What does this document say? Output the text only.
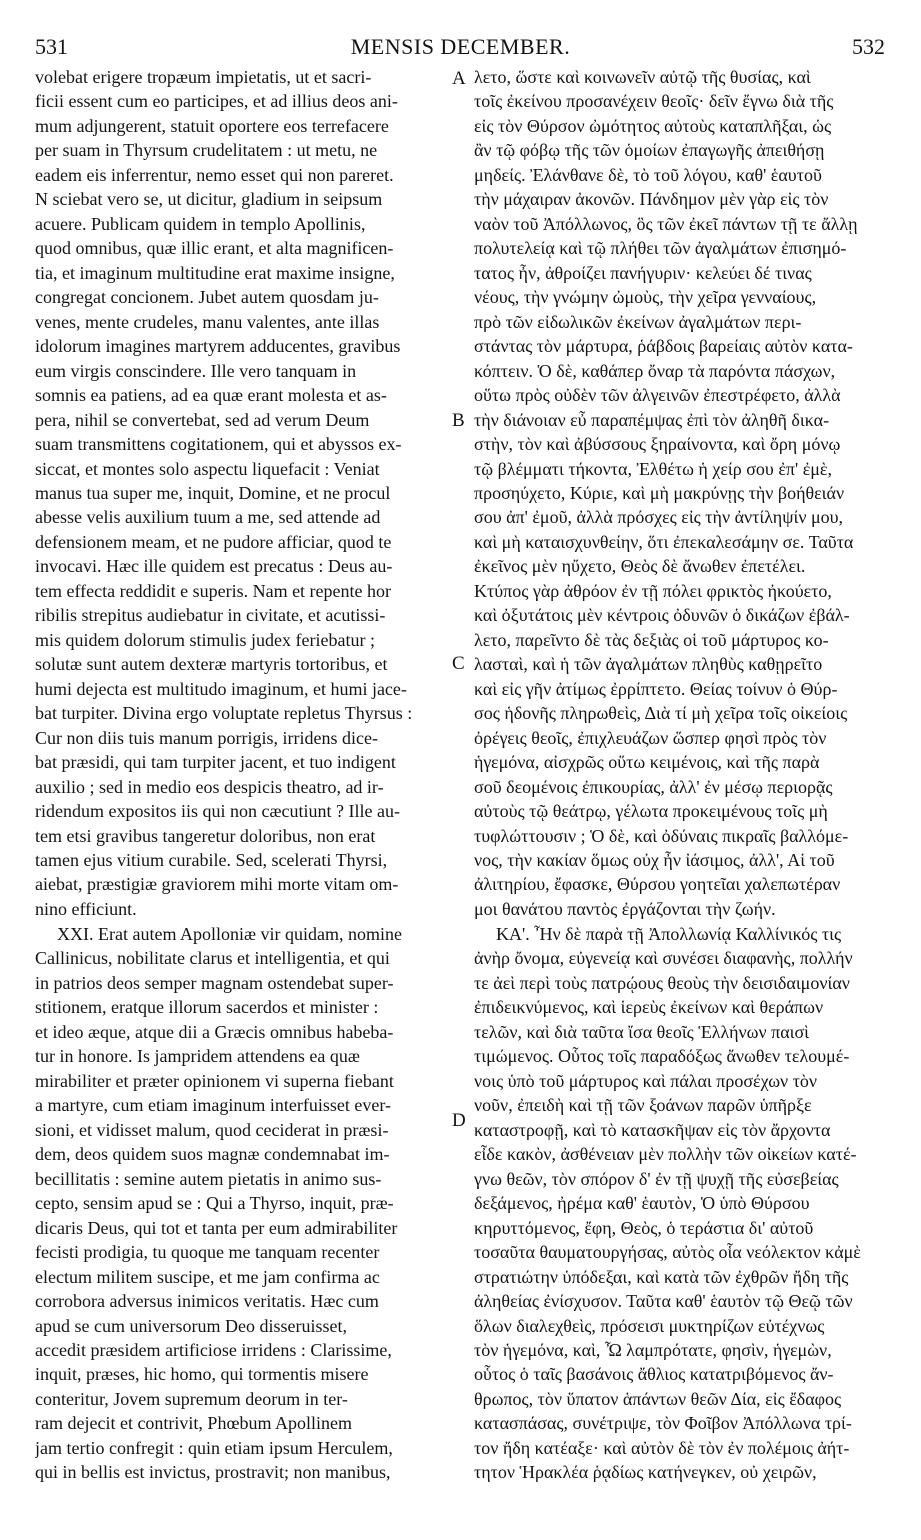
531	MENSIS DECEMBER.	532
A
B
C
D
volebat erigere tropæum impietatis, ut et sacri-
ficii essent cum eo participes, et ad illius deos ani-
mum adjungerent, statuit oportere eos terrefacere
per suam in Thyrsum crudelitatem : ut metu, ne
eadem eis inferrentur, nemo esset qui non pareret.
N sciebat vero se, ut dicitur, gladium in seipsum
acuere. Publicam quidem in templo Apollinis,
quod omnibus, quæ illic erant, et alta magnificen-
tia, et imaginum multitudine erat maxime insigne,
congregat concionem. Jubet autem quosdam ju-
venes, mente crudeles, manu valentes, ante illas
idolorum imagines martyrem adducentes, gravibus
eum virgis conscindere. Ille vero tanquam in
somnis ea patiens, ad ea quæ erant molesta et as-
pera, nihil se convertebat, sed ad verum Deum
suam transmittens cogitationem, qui et abyssos ex-
siccat, et montes solo aspectu liquefacit : Veniat
manus tua super me, inquit, Domine, et ne procul
abesse velis auxilium tuum a me, sed attende ad
defensionem meam, et ne pudore afficiar, quod te
invocavi. Hæc ille quidem est precatus : Deus au-
tem effecta reddidit e superis. Nam et repente hor
ribilis strepitus audiebatur in civitate, et acutissi-
mis quidem dolorum stimulis judex feriebatur ;
solutæ sunt autem dexteræ martyris tortoribus, et
humi dejecta est multitudo imaginum, et humi jace-
bat turpiter. Divina ergo voluptate repletus Thyrsus :
Cur non diis tuis manum porrigis, irridens dice-
bat præsidi, qui tam turpiter jacent, et tuo indigent
auxilio ; sed in medio eos despicis theatro, ad ir-
ridendum expositos iis qui non cæcutiunt ? Ille au-
tem etsi gravibus tangeretur doloribus, non erat
tamen ejus vitium curabile. Sed, scelerati Thyrsi,
aiebat, præstigiæ graviorem mihi morte vitam om-
nino efficiunt.
XXI. Erat autem Apolloniæ vir quidam, nomine
Callinicus, nobilitate clarus et intelligentia, et qui
in patrios deos semper magnam ostendebat super-
stitionem, eratque illorum sacerdos et minister :
et ideo æque, atque dii a Græcis omnibus habeba-
tur in honore. Is jampridem attendens ea quæ
mirabiliter et præter opinionem vi superna fiebant
a martyre, cum etiam imaginum interfuisset ever-
sioni, et vidisset malum, quod ceciderat in præsi-
dem, deos quidem suos magnæ condemnabat im-
becillitatis : semine autem pietatis in animo sus-
cepto, sensim apud se : Qui a Thyrso, inquit, præ-
dicaris Deus, qui tot et tanta per eum admirabiliter
fecisti prodigia, tu quoque me tanquam recenter
electum militem suscipe, et me jam confirma ac
corrobora adversus inimicos veritatis. Hæc cum
apud se cum universorum Deo disseruisset,
accedit præsidem artificiose irridens : Clarissime,
inquit, præses, hic homo, qui tormentis misere
conteritur, Jovem supremum deorum in ter-
ram dejecit et contrivit, Phœbum Apollinem
jam tertio confregit : quin etiam ipsum Herculem,
qui in bellis est invictus, prostravit; non manibus,
λετο, ὥστε καὶ κοινωνεῖν αὐτῷ τῆς θυσίας, καὶ
τοῖς ἐκείνου προσανέχειν θεοῖς· δεῖν ἔγνω διὰ τῆς
εἰς τὸν Θύρσον ὠμότητος αὐτοὺς καταπλῆξαι, ὡς
ἂν τῷ φόβῳ τῆς τῶν ὁμοίων ἐπαγωγῆς ἀπειθήσῃ
μηδείς. Ἐλάνθανε δὲ, τὸ τοῦ λόγου, καθ' ἑαυτοῦ
τὴν μάχαιραν ἀκονῶν. Πάνδημον μὲν γὰρ εἰς τὸν
ναὸν τοῦ Ἀπόλλωνος, ὃς τῶν ἐκεῖ πάντων τῇ τε ἄλλῃ
πολυτελείᾳ καὶ τῷ πλήθει τῶν ἀγαλμάτων ἐπισημό-
τατος ἦν, ἀθροίζει πανήγυριν· κελεύει δέ τινας
νέους, τὴν γνώμην ὠμοὺς, τὴν χεῖρα γενναίους,
πρὸ τῶν εἰδωλικῶν ἐκείνων ἀγαλμάτων περι-
στάντας τὸν μάρτυρα, ῥάβδοις βαρείαις αὐτὸν κατα-
κόπτειν. Ὁ δὲ, καθάπερ ὄναρ τὰ παρόντα πάσχων,
οὕτω πρὸς οὐδὲν τῶν ἀλγεινῶν ἐπεστρέφετο, ἀλλὰ
τὴν διάνοιαν εὖ παραπέμψας ἐπὶ τὸν ἀληθῆ δικα-
στὴν, τὸν καὶ ἀβύσσους ξηραίνοντα, καὶ ὄρη μόνῳ
τῷ βλέμματι τήκοντα, Ἐλθέτω ἡ χείρ σου ἐπ' ἐμὲ,
προσηύχετο, Κύριε, καὶ μὴ μακρύνῃς τὴν βοήθειάν
σου ἀπ' ἐμοῦ, ἀλλὰ πρόσχες εἰς τὴν ἀντίληψίν μου,
καὶ μὴ καταισχυνθείην, ὅτι ἐπεκαλεσάμην σε. Ταῦτα
ἐκεῖνος μὲν ηὔχετο, Θεὸς δὲ ἄνωθεν ἐπετέλει.
Κτύπος γὰρ ἀθρόον ἐν τῇ πόλει φρικτὸς ἠκούετο,
καὶ ὀξυτάτοις μὲν κέντροις ὀδυνῶν ὁ δικάζων ἐβάλ-
λετο, παρεῖντο δὲ τὰς δεξιὰς οἱ τοῦ μάρτυρος κο-
λασταὶ, καὶ ἡ τῶν ἀγαλμάτων πληθὺς καθῃρεῖτο
καὶ εἰς γῆν ἀτίμως ἐρρίπτετο. Θείας τοίνυν ὁ Θύρ-
σος ἡδονῆς πληρωθεὶς, Διὰ τί μὴ χεῖρα τοῖς οἰκείοις
ὀρέγεις θεοῖς, ἐπιχλευάζων ὥσπερ φησὶ πρὸς τὸν
ἡγεμόνα, αἰσχρῶς οὕτω κειμένοις, καὶ τῆς παρὰ
σοῦ δεομένοις ἐπικουρίας, ἀλλ' ἐν μέσῳ περιορᾷς
αὐτοὺς τῷ θεάτρῳ, γέλωτα προκειμένους τοῖς μὴ
τυφλώττουσιν ; Ὁ δὲ, καὶ ὀδύναις πικραῖς βαλλόμε-
νος, τὴν κακίαν ὅμως οὐχ ἦν ἰάσιμος, ἀλλ', Αἱ τοῦ
ἀλιτηρίου, ἔφασκε, Θύρσου γοητεῖαι χαλεπωτέραν
μοι θανάτου παντὸς ἐργάζονται τὴν ζωήν.
ΚΑ'. Ἦν δὲ παρὰ τῇ Ἀπολλωνίᾳ Καλλίνικός τις
ἀνὴρ ὄνομα, εὐγενείᾳ καὶ συνέσει διαφανὴς, πολλήν
τε ἀεὶ περὶ τοὺς πατρῴους θεοὺς τὴν δεισιδαιμονίαν
ἐπιδεικνύμενος, καὶ ἱερεὺς ἐκείνων καὶ θεράπων
τελῶν, καὶ διὰ ταῦτα ἴσα θεοῖς Ἑλλήνων παισὶ
τιμώμενος. Οὗτος τοῖς παραδόξως ἄνωθεν τελουμέ-
νοις ὑπὸ τοῦ μάρτυρος καὶ πάλαι προσέχων τὸν
νοῦν, ἐπειδὴ καὶ τῇ τῶν ξοάνων παρῶν ὑπῆρξε
καταστροφῇ, καὶ τὸ κατασκῆψαν εἰς τὸν ἄρχοντα
εἶδε κακὸν, ἀσθένειαν μὲν πολλὴν τῶν οἰκείων κατέ-
γνω θεῶν, τὸν σπόρον δ' ἐν τῇ ψυχῇ τῆς εὐσεβείας
δεξάμενος, ἠρέμα καθ' ἑαυτὸν, Ὁ ὑπὸ Θύρσου
κηρυττόμενος, ἔφη, Θεὸς, ὁ τεράστια δι' αὐτοῦ
τοσαῦτα θαυματουργήσας, αὐτὸς οἷα νεόλεκτον κἀμὲ
στρατιώτην ὑπόδεξαι, καὶ κατὰ τῶν ἐχθρῶν ἤδη τῆς
ἀληθείας ἐνίσχυσον. Ταῦτα καθ' ἑαυτὸν τῷ Θεῷ τῶν
ὅλων διαλεχθεὶς, πρόσεισι μυκτηρίζων εὐτέχνως
τὸν ἡγεμόνα, καὶ, Ὦ λαμπρότατε, φησὶν, ἡγεμὼν,
οὗτος ὁ ταῖς βασάνοις ἄθλιος κατατριβόμενος ἄν-
θρωπος, τὸν ὕπατον ἁπάντων θεῶν Δία, εἰς ἔδαφος
κατασπάσας, συνέτριψε, τὸν Φοῖβον Ἀπόλλωνα τρί-
τον ἤδη κατέαξε· καὶ αὐτὸν δὲ τὸν ἐν πολέμοις ἀήτ-
τητον Ἡρακλέα ῥᾳδίως κατήνεγκεν, οὐ χειρῶν,
